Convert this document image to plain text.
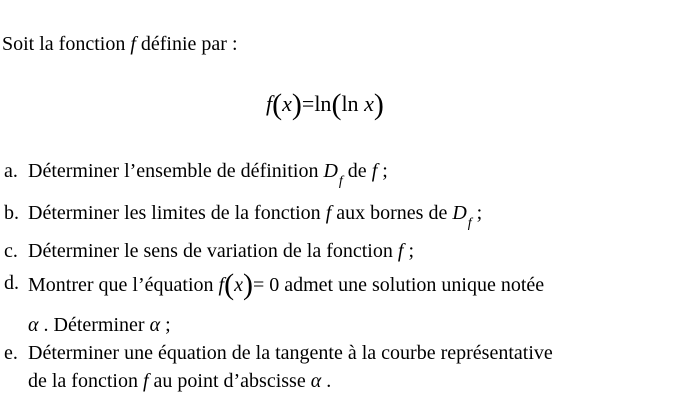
Soit la fonction f définie par :
f(x)=ln(ln x)
a. Déterminer l’ensemble de définition $D_f$ de f ;
b. Déterminer les limites de la fonction f aux bornes de $D_f$ ;
c. Déterminer le sens de variation de la fonction f ;
d. Montrer que l’équation f(x)= 0 admet une solution unique notée
α . Déterminer α ;
e. Déterminer une équation de la tangente à la courbe représentative
de la fonction f au point d’abscisse α .
